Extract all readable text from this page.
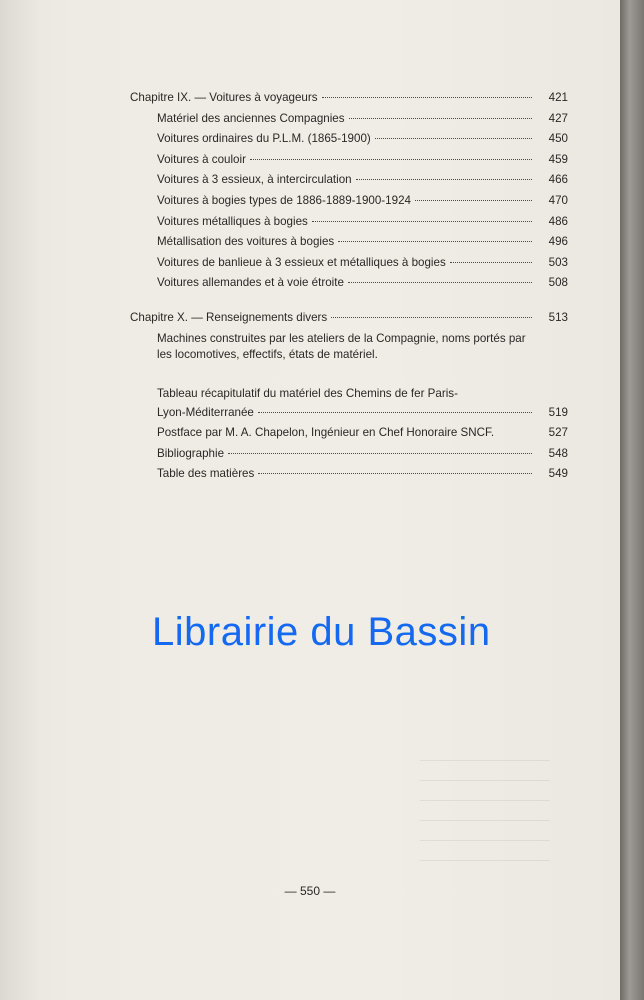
Chapitre IX. — Voitures à voyageurs	421
Matériel des anciennes Compagnies	427
Voitures ordinaires du P.L.M. (1865-1900)	450
Voitures à couloir	459
Voitures à 3 essieux, à intercirculation	466
Voitures à bogies types de 1886-1889-1900-1924	470
Voitures métalliques à bogies	486
Métallisation des voitures à bogies	496
Voitures de banlieue à 3 essieux et métalliques à bogies	503
Voitures allemandes et à voie étroite	508
Chapitre X. — Renseignements divers	513
Machines construites par les ateliers de la Compagnie, noms portés par les locomotives, effectifs, états de matériel.
Tableau récapitulatif du matériel des Chemins de fer Paris-
Lyon-Méditerranée	519
Postface par M. A. Chapelon, Ingénieur en Chef Honoraire SNCF.	527
Bibliographie	548
Table des matières	549
Librairie du Bassin
— 550 —
